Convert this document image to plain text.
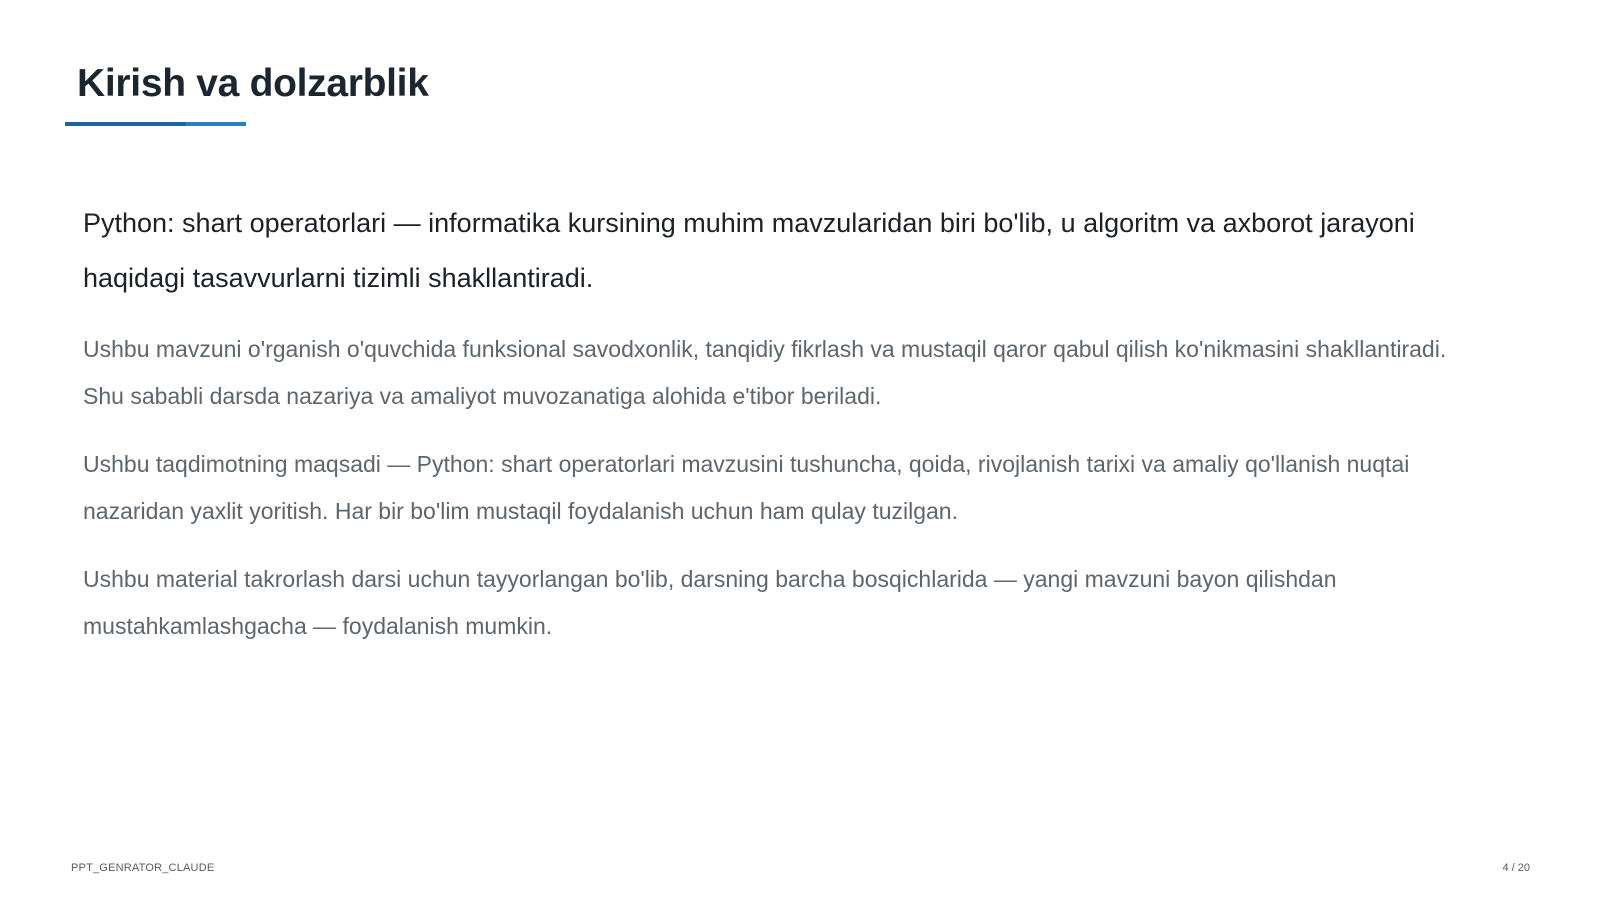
Kirish va dolzarblik

Python: shart operatorlari — informatika kursining muhim mavzularidan biri bo'lib, u algoritm va axborot jarayoni haqidagi tasavvurlarni tizimli shakllantiradi.

Ushbu mavzuni o'rganish o'quvchida funksional savodxonlik, tanqidiy fikrlash va mustaqil qaror qabul qilish ko'nikmasini shakllantiradi. Shu sababli darsda nazariya va amaliyot muvozanatiga alohida e'tibor beriladi.

Ushbu taqdimotning maqsadi — Python: shart operatorlari mavzusini tushuncha, qoida, rivojlanish tarixi va amaliy qo'llanish nuqtai nazaridan yaxlit yoritish. Har bir bo'lim mustaqil foydalanish uchun ham qulay tuzilgan.

Ushbu material takrorlash darsi uchun tayyorlangan bo'lib, darsning barcha bosqichlarida — yangi mavzuni bayon qilishdan mustahkamlashgacha — foydalanish mumkin.

PPT_GENRATOR_CLAUDE	4 / 20
